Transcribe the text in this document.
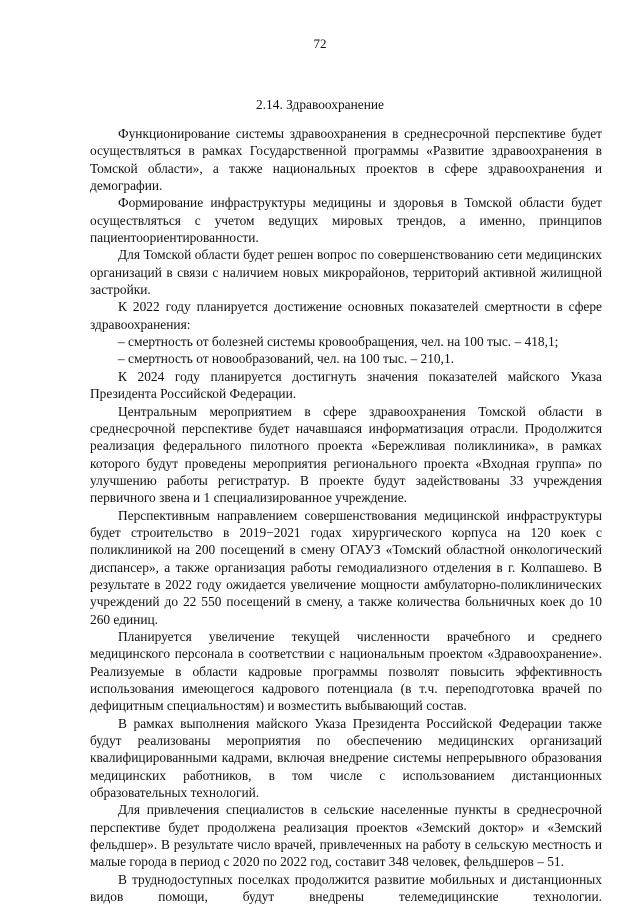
72
2.14. Здравоохранение

Функционирование системы здравоохранения в среднесрочной перспективе будет осуществляться в рамках Государственной программы «Развитие здравоохранения в Томской области», а также национальных проектов в сфере здравоохранения и демографии.

Формирование инфраструктуры медицины и здоровья в Томской области будет осуществляться с учетом ведущих мировых трендов, а именно, принципов пациентоориентированности.

Для Томской области будет решен вопрос по совершенствованию сети медицинских организаций в связи с наличием новых микрорайонов, территорий активной жилищной застройки.

К 2022 году планируется достижение основных показателей смертности в сфере здравоохранения:

– смертность от болезней системы кровообращения, чел. на 100 тыс. – 418,1;

– смертность от новообразований, чел. на 100 тыс. – 210,1.

К 2024 году планируется достигнуть значения показателей майского Указа Президента Российской Федерации.

Центральным мероприятием в сфере здравоохранения Томской области в среднесрочной перспективе будет начавшаяся информатизация отрасли. Продолжится реализация федерального пилотного проекта «Бережливая поликлиника», в рамках которого будут проведены мероприятия регионального проекта «Входная группа» по улучшению работы регистратур. В проекте будут задействованы 33 учреждения первичного звена и 1 специализированное учреждение.

Перспективным направлением совершенствования медицинской инфраструктуры будет строительство в 2019−2021 годах хирургического корпуса на 120 коек с поликлиникой на 200 посещений в смену ОГАУЗ «Томский областной онкологический диспансер», а также организация работы гемодиализного отделения в г. Колпашево. В результате в 2022 году ожидается увеличение мощности амбулаторно-поликлинических учреждений до 22 550 посещений в смену, а также количества больничных коек до 10 260 единиц.

Планируется увеличение текущей численности врачебного и среднего медицинского персонала в соответствии с национальным проектом «Здравоохранение». Реализуемые в области кадровые программы позволят повысить эффективность использования имеющегося кадрового потенциала (в т.ч. переподготовка врачей по дефицитным специальностям) и возместить выбывающий состав.

В рамках выполнения майского Указа Президента Российской Федерации также будут реализованы мероприятия по обеспечению медицинских организаций квалифицированными кадрами, включая внедрение системы непрерывного образования медицинских работников, в том числе с использованием дистанционных образовательных технологий.

Для привлечения специалистов в сельские населенные пункты в среднесрочной перспективе будет продолжена реализация проектов «Земский доктор» и «Земский фельдшер». В результате число врачей, привлеченных на работу в сельскую местность и малые города в период с 2020 по 2022 год, составит 348 человек, фельдшеров – 51.

В труднодоступных поселках продолжится развитие мобильных и дистанционных видов помощи, будут внедрены телемедицинские технологии.
